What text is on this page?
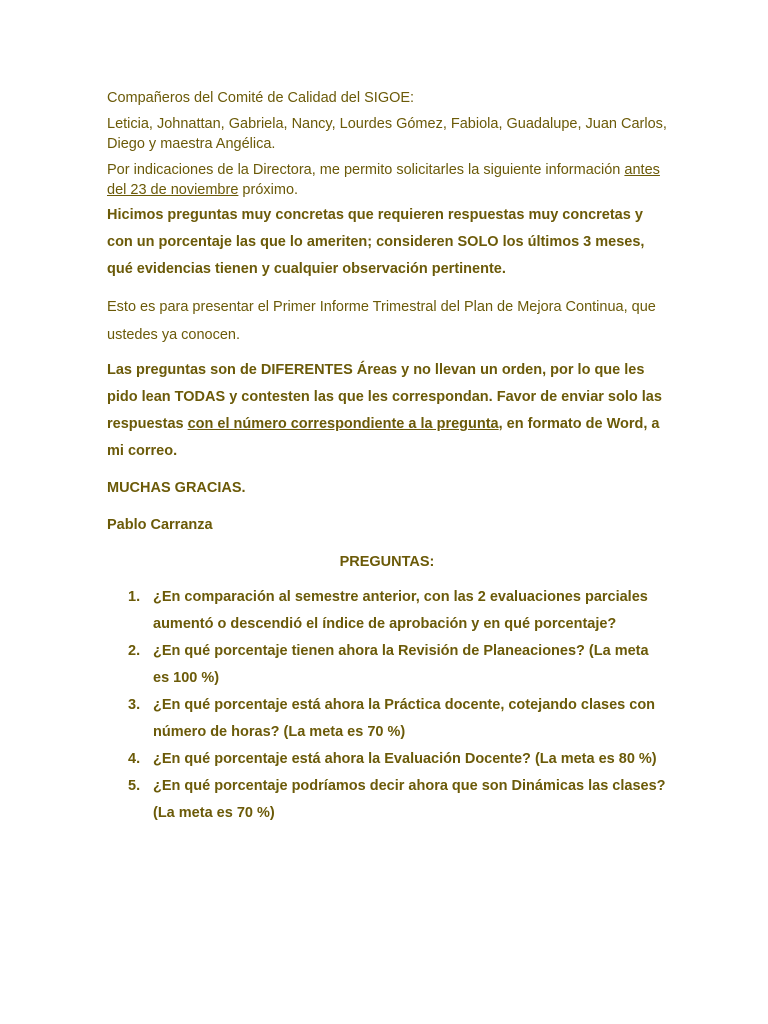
Compañeros del Comité de Calidad del SIGOE:

Leticia, Johnattan, Gabriela, Nancy, Lourdes Gómez, Fabiola, Guadalupe, Juan Carlos, Diego y maestra Angélica.

Por indicaciones de la Directora, me permito solicitarles la siguiente información antes del 23 de noviembre próximo.

Hicimos preguntas muy concretas que requieren respuestas muy concretas y con un porcentaje las que lo ameriten; consideren SOLO los últimos 3 meses, qué evidencias tienen y cualquier observación pertinente.

Esto es para presentar el Primer Informe Trimestral del Plan de Mejora Continua, que ustedes ya conocen.

Las preguntas son de DIFERENTES Áreas y no llevan un orden, por lo que les pido lean TODAS y contesten las que les correspondan. Favor de enviar solo las respuestas con el número correspondiente a la pregunta, en formato de Word, a mi correo.

MUCHAS GRACIAS.

Pablo Carranza

PREGUNTAS:

1. ¿En comparación al semestre anterior, con las 2 evaluaciones parciales aumentó o descendió el índice de aprobación y en qué porcentaje?
2. ¿En qué porcentaje tienen ahora la Revisión de Planeaciones? (La meta es 100 %)
3. ¿En qué porcentaje está ahora la Práctica docente, cotejando clases con número de horas? (La meta es 70 %)
4. ¿En qué porcentaje está ahora la Evaluación Docente? (La meta es 80 %)
5. ¿En qué porcentaje podríamos decir ahora que son Dinámicas las clases? (La meta es 70 %)
